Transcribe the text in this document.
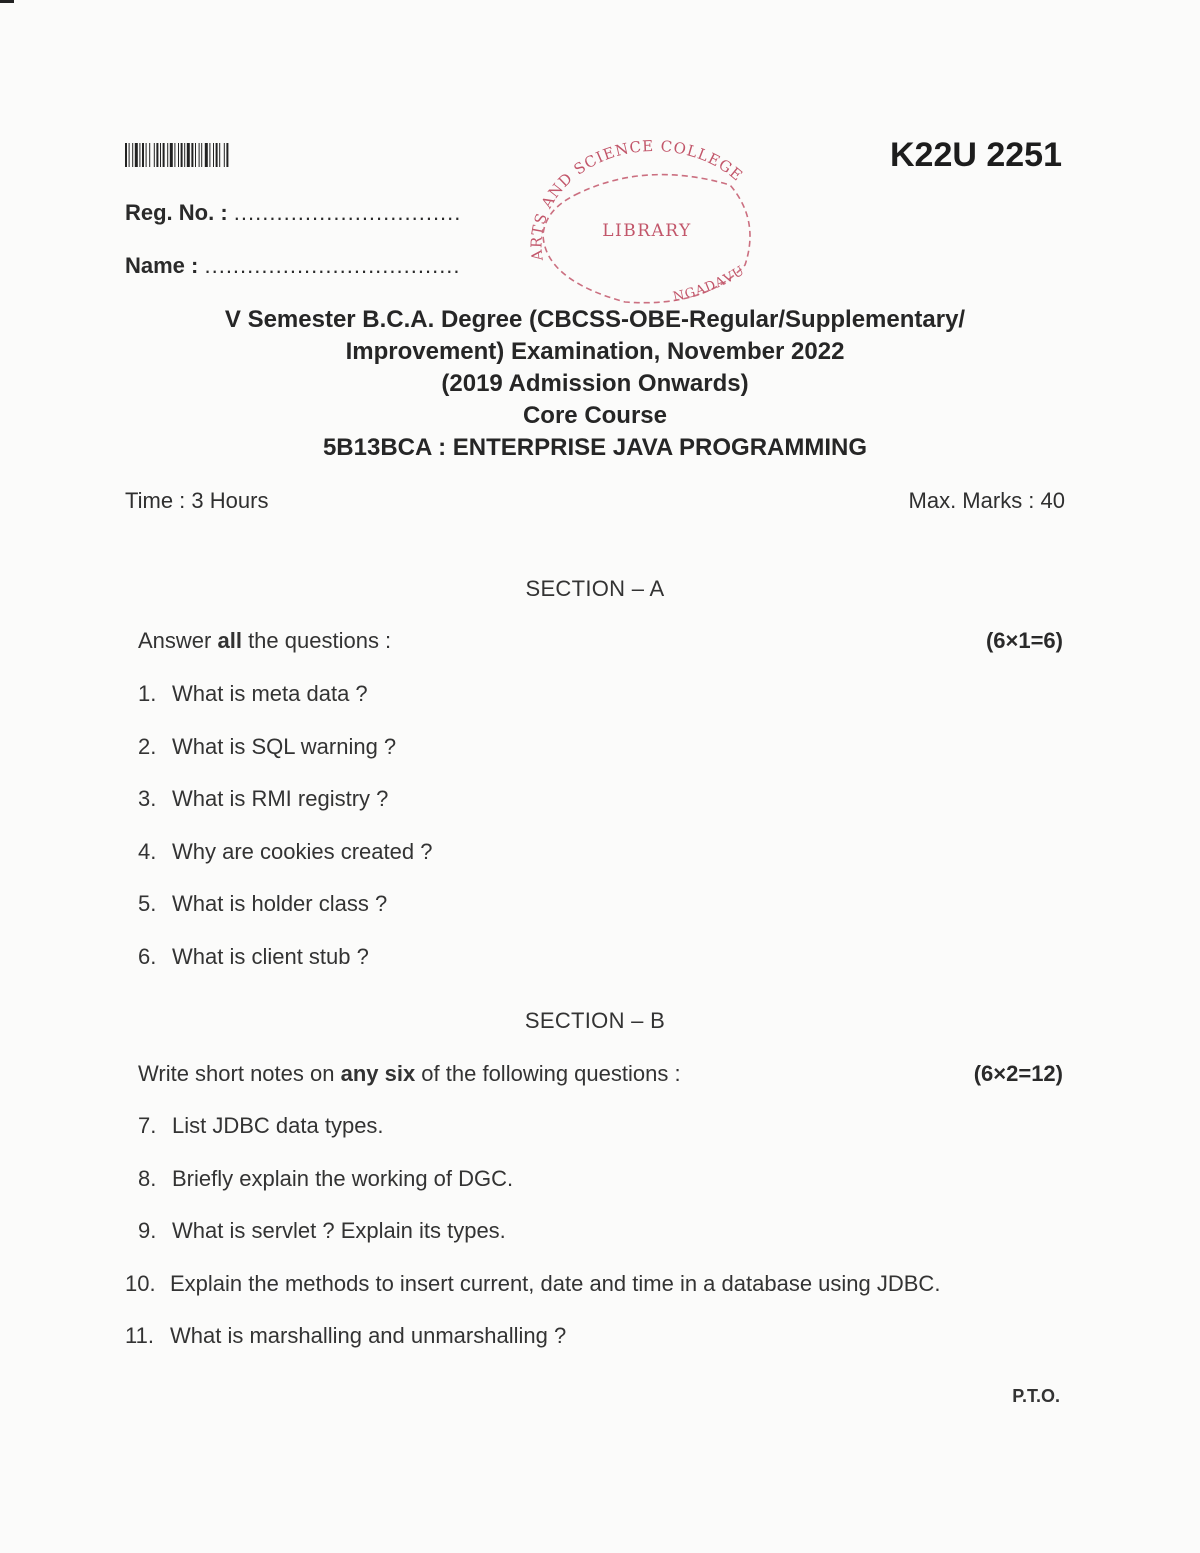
K22U 2251
Reg. No. : ................................
Name : ....................................	ARTS AND SCIENCE COLLEGE
LIBRARY
NGADAVU
V Semester B.C.A. Degree (CBCSS-OBE-Regular/Supplementary/
Improvement) Examination, November 2022
(2019 Admission Onwards)
Core Course
5B13BCA : ENTERPRISE JAVA PROGRAMMING
Time : 3 Hours	Max. Marks : 40
SECTION – A
Answer all the questions :	(6×1=6)
1. What is meta data ?
2. What is SQL warning ?
3. What is RMI registry ?
4. Why are cookies created ?
5. What is holder class ?
6. What is client stub ?
SECTION – B
Write short notes on any six of the following questions :	(6×2=12)
7. List JDBC data types.
8. Briefly explain the working of DGC.
9. What is servlet ? Explain its types.
10. Explain the methods to insert current, date and time in a database using JDBC.
11. What is marshalling and unmarshalling ?
P.T.O.
